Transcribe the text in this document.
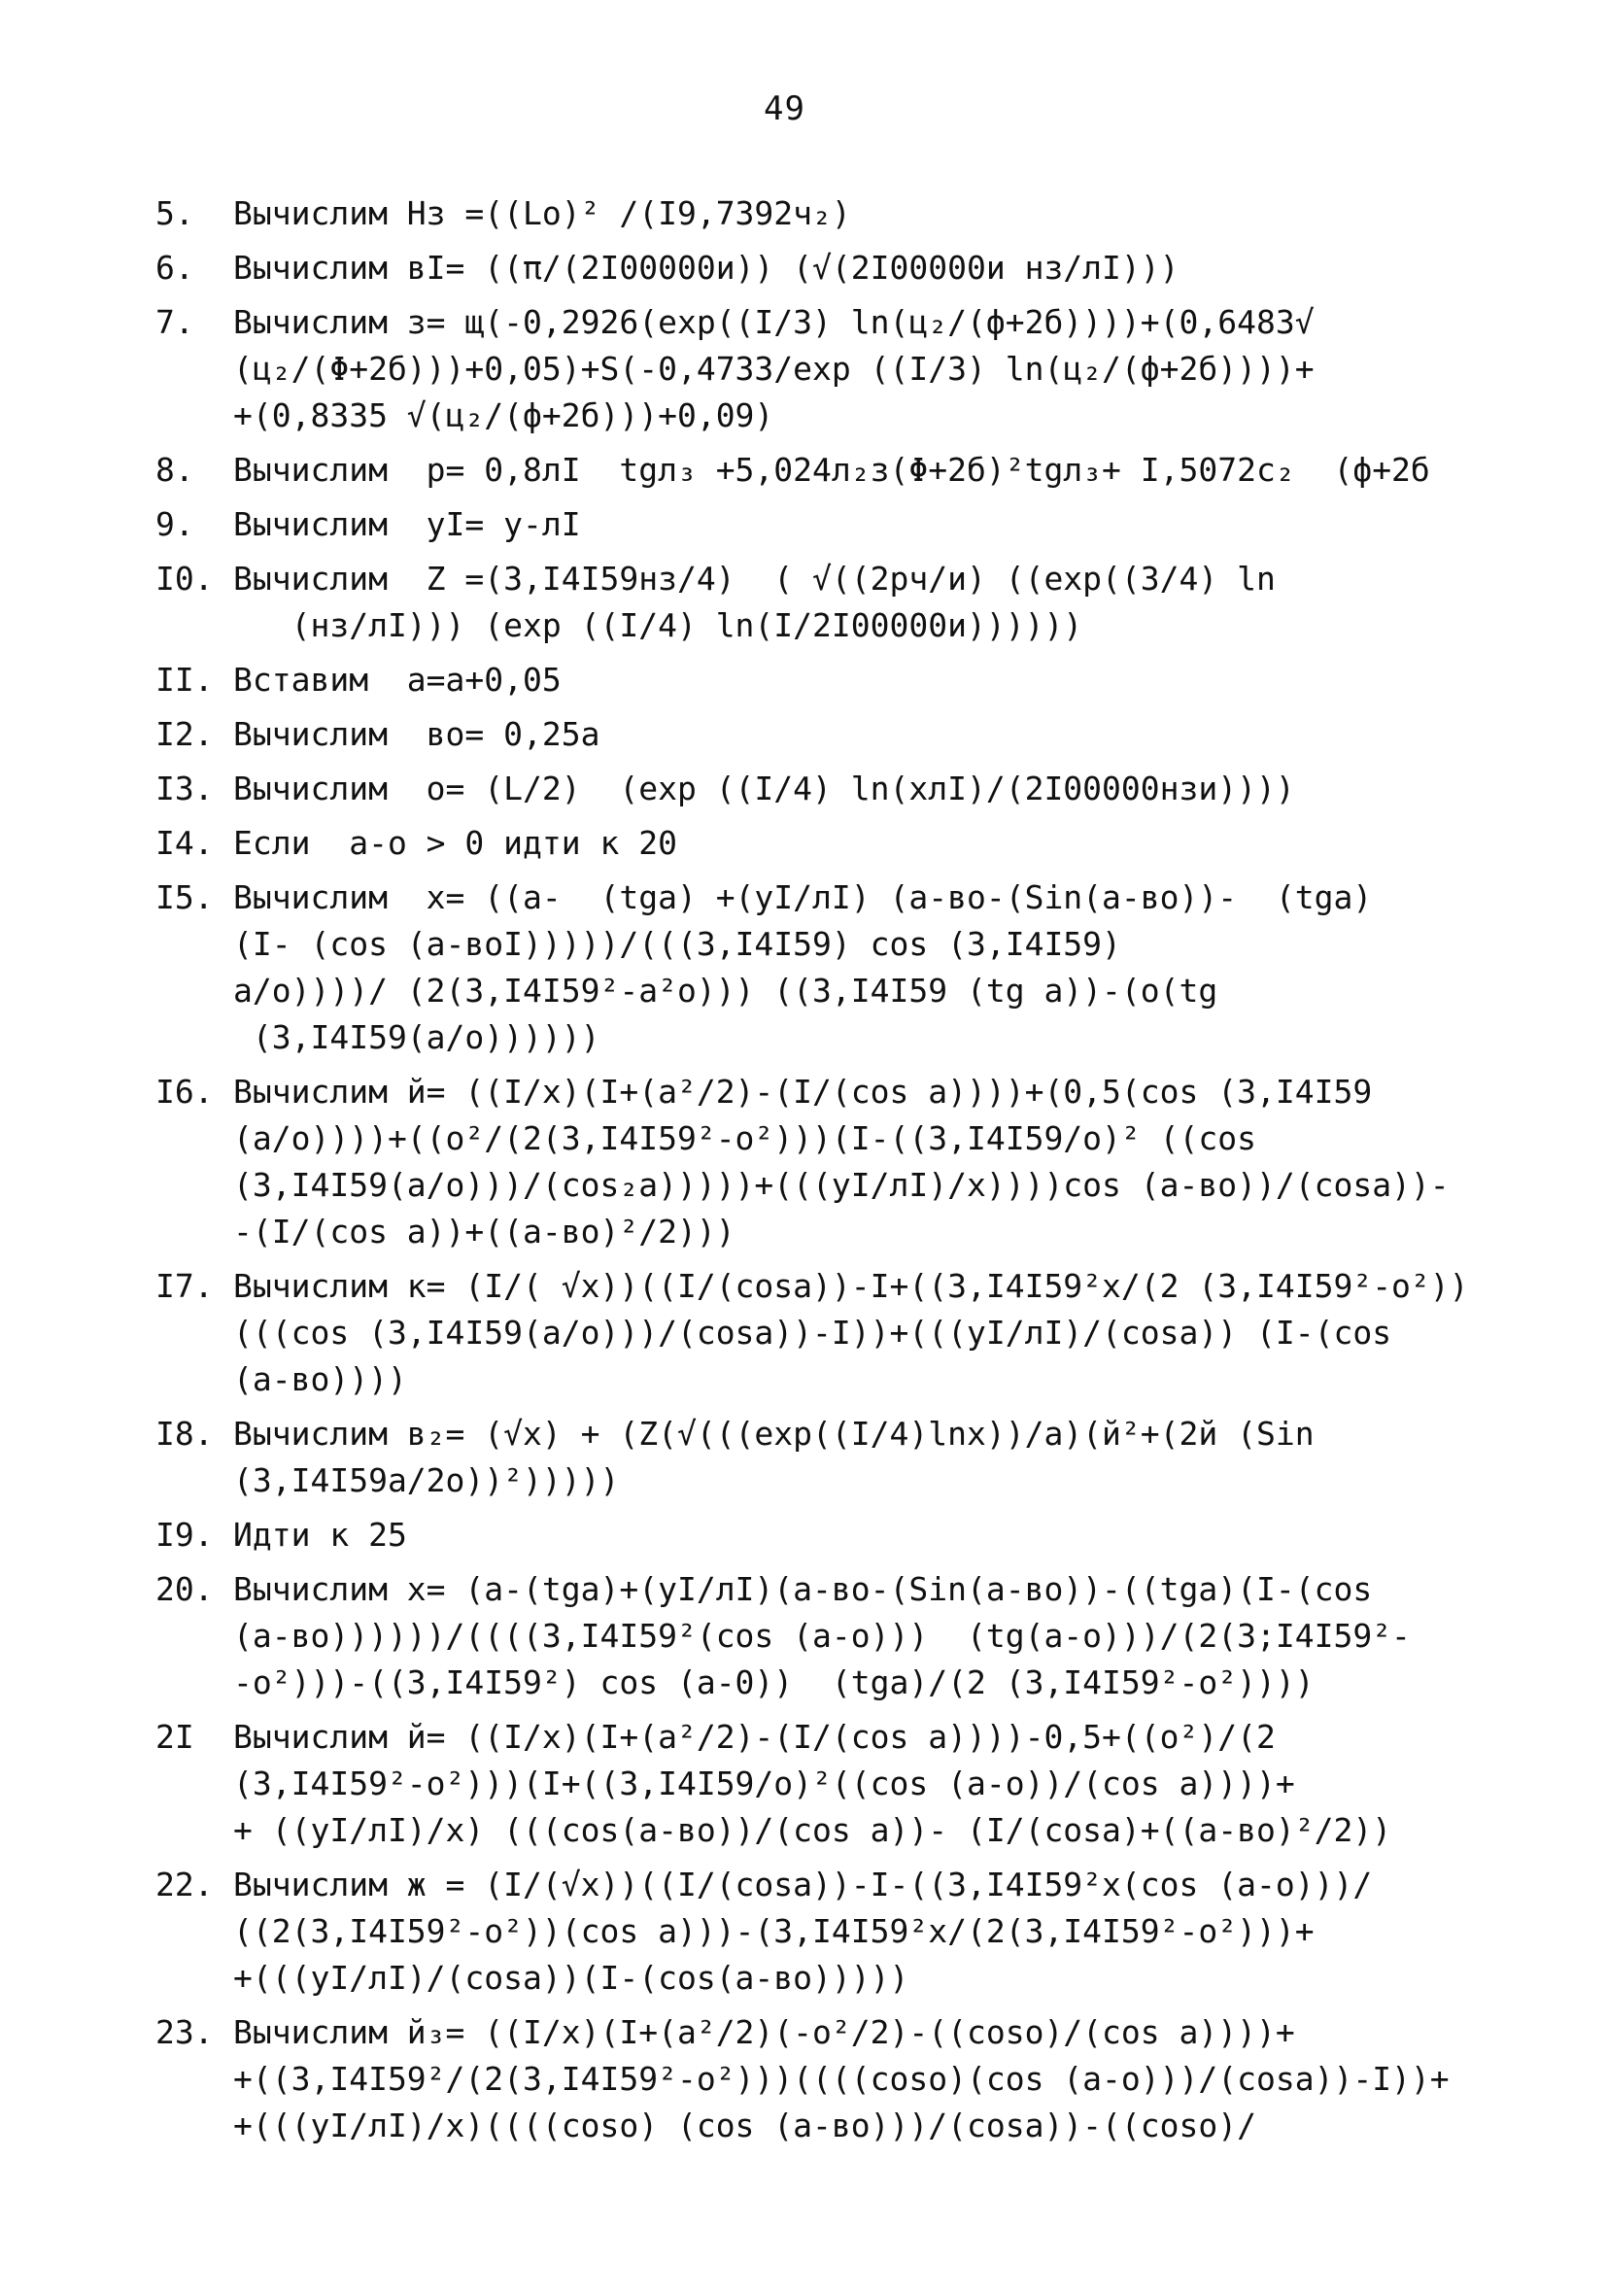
49
5.	Вычислим Hз =((Lo)² /(I9,7392ч₂)
6.	Вычислим вI= ((π/(2I00000и)) (√(2I00000и нз/лI)))
7.	Вычислим з= щ(-0,2926(exp((I/3) ln(ц₂/(ф+2б))))+(0,6483√
(ц₂/(Φ+2б)))+0,05)+S(-0,4733/exp ((I/3) ln(ц₂/(ф+2б))))+
+(0,8335 √(ц₂/(ф+2б)))+0,09)
8.	Вычислим  p= 0,8лI  tgл₃ +5,024л₂з(Φ+2б)²tgл₃+ I,5072c₂  (ф+2б
9.	Вычислим  уI= у-лI
I0. Вычислим  Z =(3,I4I59нз/4)  ( √((2рч/и) ((exp((3/4) ln
(нз/лI))) (exp ((I/4) ln(I/2I00000и))))))
II. Вставим  a=a+0,05
I2. Вычислим  вo= 0,25a
I3. Вычислим  o= (L/2)  (exp ((I/4) ln(хлI)/(2I00000нзи))))
I4. Если  a-o > 0 идти к 20
I5. Вычислим  x= ((a-  (tga) +(уI/лI) (a-вo-(Sin(a-вo))-  (tga)
(I- (cos (a-вoI)))))/(((3,I4I59) cos (3,I4I59)
a/o))))/ (2(3,I4I59²-a²o))) ((3,I4I59 (tg a))-(o(tg
(3,I4I59(a/o))))))
I6. Вычислим й= ((I/x)(I+(a²/2)-(I/(cos a))))+(0,5(cos (3,I4I59
(a/o))))+((o²/(2(3,I4I59²-o²)))(I-((3,I4I59/o)² ((cos
(3,I4I59(a/o)))/(cos₂a)))))+(((уI/лI)/x))))cos (a-вo))/(cosa))-
-(I/(cos a))+((a-вo)²/2)))
I7. Вычислим к= (I/( √x))((I/(cosa))-I+((3,I4I59²x/(2 (3,I4I59²-o²))
(((cos (3,I4I59(a/o)))/(cosa))-I))+(((уI/лI)/(cosa)) (I-(cos
(a-вo))))
I8. Вычислим в₂= (√x) + (Z(√(((exp((I/4)lnx))/a)(й²+(2й (Sin
(3,I4I59a/2o))²)))))
I9. Идти к 25
20. Вычислим x= (a-(tga)+(уI/лI)(a-вo-(Sin(a-вo))-((tga)(I-(cos
(a-вo))))))/((((3,I4I59²(cos (a-o)))  (tg(a-o)))/(2(3;I4I59²-
-o²)))-((3,I4I59²) cos (a-0))  (tga)/(2 (3,I4I59²-o²))))
2I	Вычислим й= ((I/x)(I+(a²/2)-(I/(cos a))))-0,5+((o²)/(2
(3,I4I59²-o²)))(I+((3,I4I59/o)²((cos (a-o))/(cos a))))+
+ ((уI/лI)/x) (((cos(a-вo))/(cos a))- (I/(cosa)+((a-вo)²/2))
22. Вычислим ж = (I/(√x))((I/(cosa))-I-((3,I4I59²x(cos (a-o)))/
((2(3,I4I59²-o²))(cos a)))-(3,I4I59²x/(2(3,I4I59²-o²)))+
+(((уI/лI)/(cosa))(I-(cos(a-вo)))))
23. Вычислим й₃= ((I/x)(I+(a²/2)(-o²/2)-((coso)/(cos a))))+
+((3,I4I59²/(2(3,I4I59²-o²)))((((coso)(cos (a-o)))/(cosa))-I))+
+(((уI/лI)/x)((((coso) (cos (a-вo)))/(cosa))-((coso)/
